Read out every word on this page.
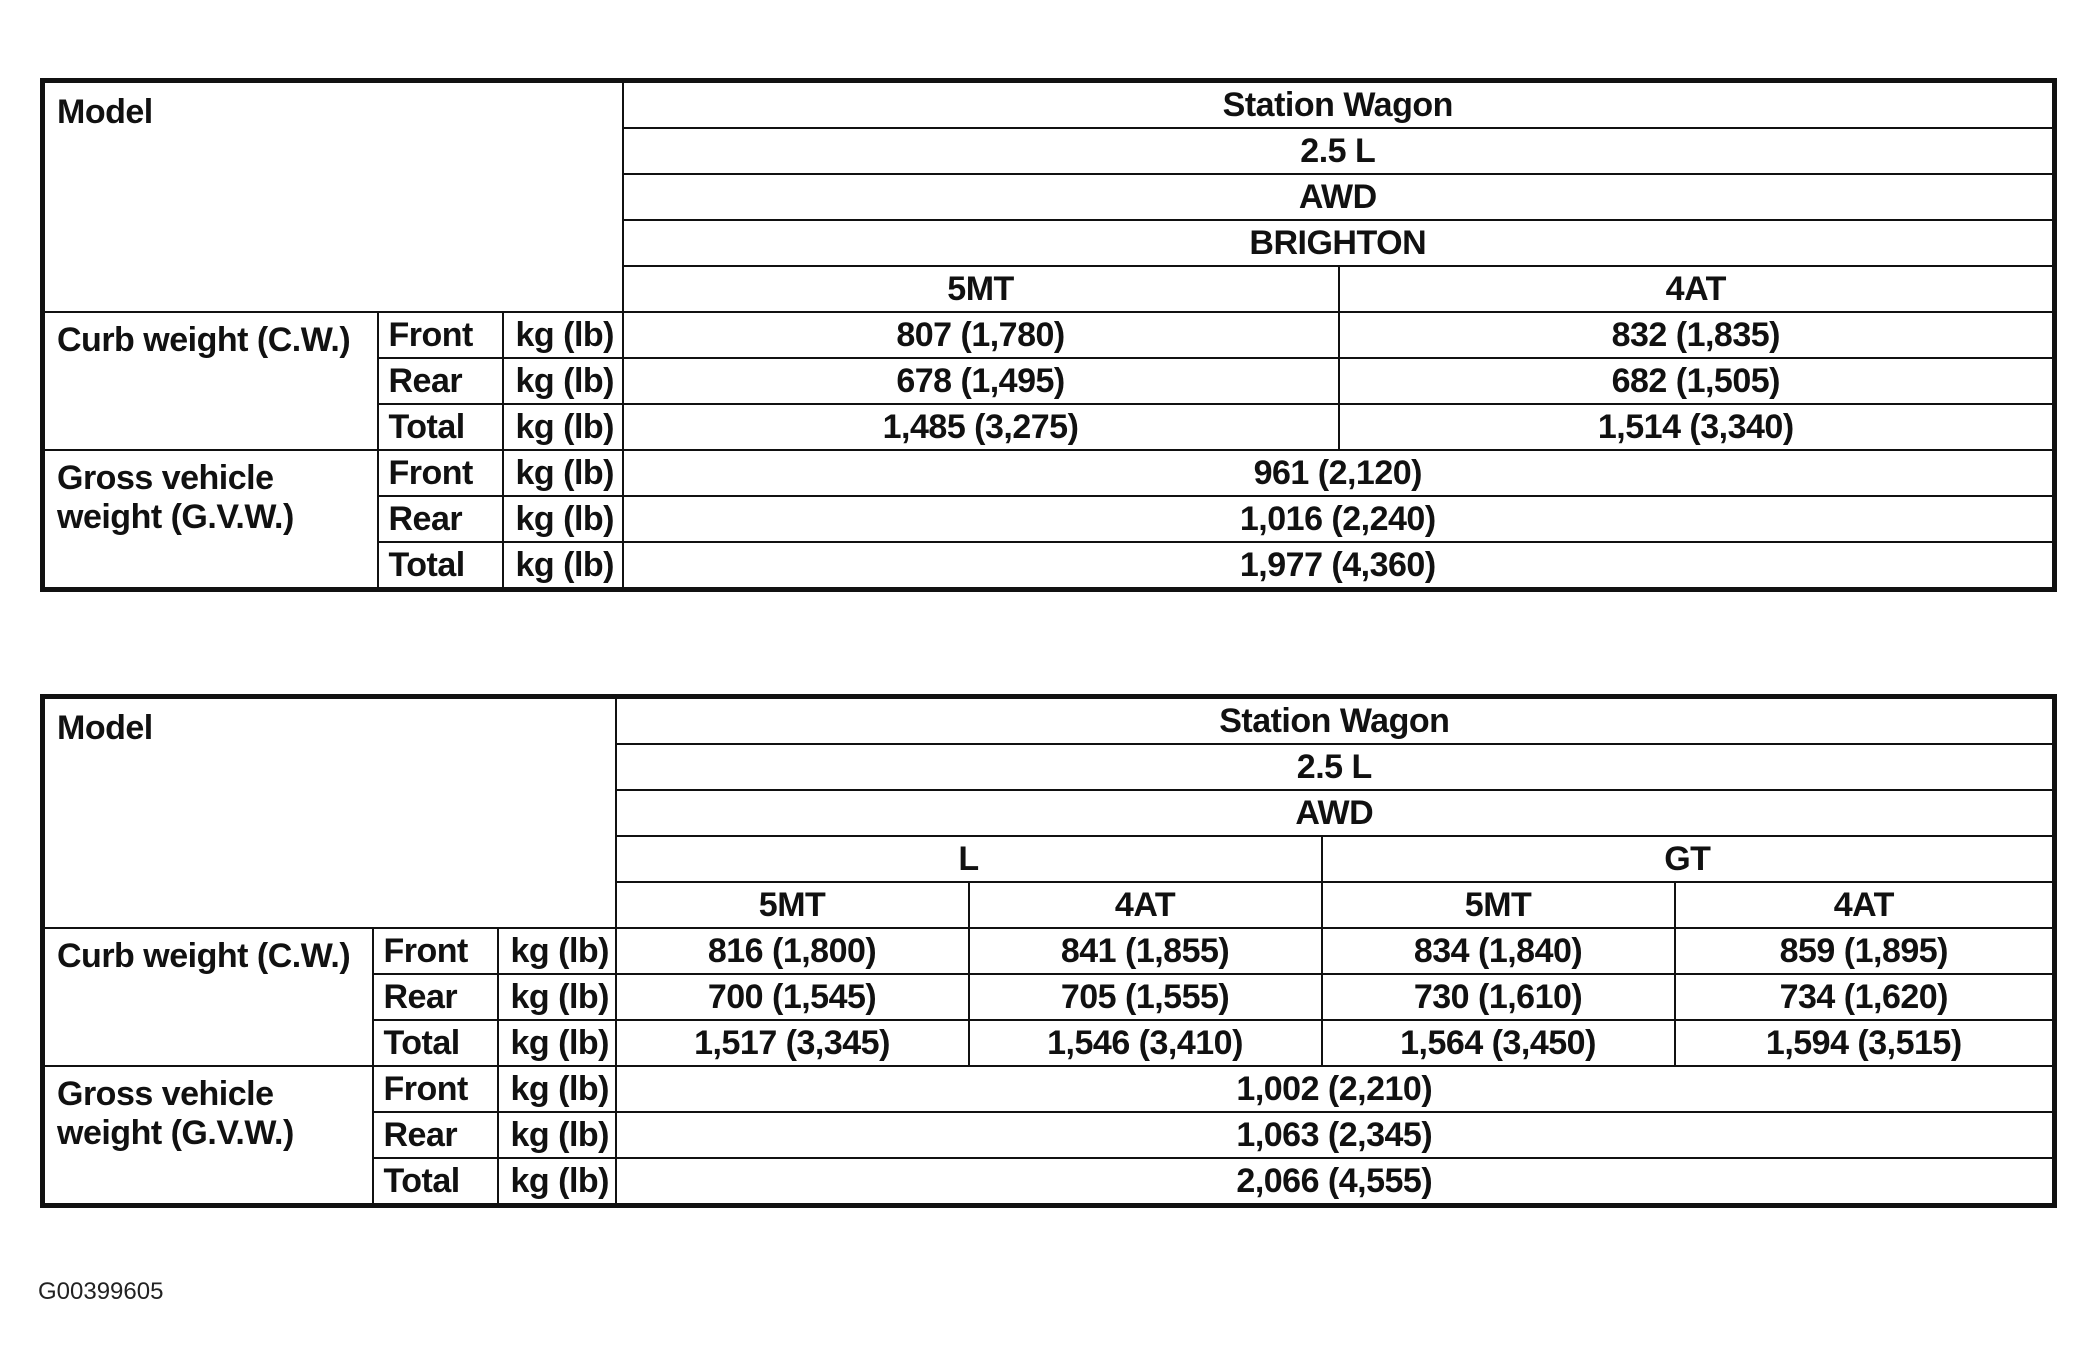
Model			Station Wagon	
			2.5 L	
			AWD	
			BRIGHTON	
			5MT	4AT
Curb weight (C.W.)	Front	kg (lb)	807 (1,780)	832 (1,835)
	Rear	kg (lb)	678 (1,495)	682 (1,505)
	Total	kg (lb)	1,485 (3,275)	1,514 (3,340)
Gross vehicle
weight (G.V.W.)	Front	kg (lb)	961 (2,120)	
	Rear	kg (lb)	1,016 (2,240)	
	Total	kg (lb)	1,977 (4,360)	
Model			Station Wagon			
			2.5 L			
			AWD			
			L		GT	
			5MT	4AT	5MT	4AT
Curb weight (C.W.)	Front	kg (lb)	816 (1,800)	841 (1,855)	834 (1,840)	859 (1,895)
	Rear	kg (lb)	700 (1,545)	705 (1,555)	730 (1,610)	734 (1,620)
	Total	kg (lb)	1,517 (3,345)	1,546 (3,410)	1,564 (3,450)	1,594 (3,515)
Gross vehicle
weight (G.V.W.)	Front	kg (lb)	1,002 (2,210)			
	Rear	kg (lb)	1,063 (2,345)			
	Total	kg (lb)	2,066 (4,555)			
G00399605
